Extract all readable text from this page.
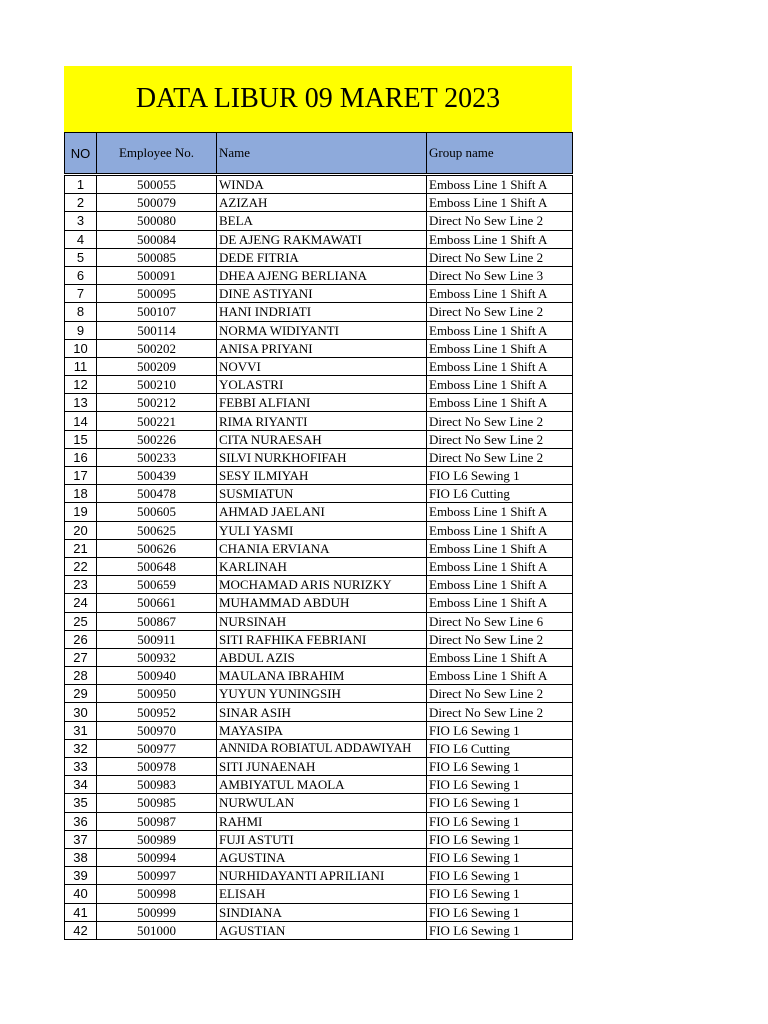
DATA LIBUR 09 MARET 2023
NO	Employee No.	Name	Group name

1	500055	WINDA	Emboss Line 1 Shift A
2	500079	AZIZAH	Emboss Line 1 Shift A
3	500080	BELA	Direct No Sew Line 2
4	500084	DE AJENG RAKMAWATI	Emboss Line 1 Shift A
5	500085	DEDE FITRIA	Direct No Sew Line 2
6	500091	DHEA AJENG BERLIANA	Direct No Sew Line 3
7	500095	DINE ASTIYANI	Emboss Line 1 Shift A
8	500107	HANI INDRIATI	Direct No Sew Line 2
9	500114	NORMA WIDIYANTI	Emboss Line 1 Shift A
10	500202	ANISA PRIYANI	Emboss Line 1 Shift A
11	500209	NOVVI	Emboss Line 1 Shift A
12	500210	YOLASTRI	Emboss Line 1 Shift A
13	500212	FEBBI ALFIANI	Emboss Line 1 Shift A
14	500221	RIMA RIYANTI	Direct No Sew Line 2
15	500226	CITA NURAESAH	Direct No Sew Line 2
16	500233	SILVI NURKHOFIFAH	Direct No Sew Line 2
17	500439	SESY ILMIYAH	FIO L6 Sewing 1
18	500478	SUSMIATUN	FIO L6 Cutting
19	500605	AHMAD JAELANI	Emboss Line 1 Shift A
20	500625	YULI YASMI	Emboss Line 1 Shift A
21	500626	CHANIA ERVIANA	Emboss Line 1 Shift A
22	500648	KARLINAH	Emboss Line 1 Shift A
23	500659	MOCHAMAD ARIS NURIZKY	Emboss Line 1 Shift A
24	500661	MUHAMMAD ABDUH	Emboss Line 1 Shift A
25	500867	NURSINAH	Direct No Sew Line 6
26	500911	SITI RAFHIKA FEBRIANI	Direct No Sew Line 2
27	500932	ABDUL AZIS	Emboss Line 1 Shift A
28	500940	MAULANA IBRAHIM	Emboss Line 1 Shift A
29	500950	YUYUN YUNINGSIH	Direct No Sew Line 2
30	500952	SINAR ASIH	Direct No Sew Line 2
31	500970	MAYASIPA	FIO L6 Sewing 1
32	500977	ANNIDA ROBIATUL ADDAWIYAH	FIO L6 Cutting
33	500978	SITI JUNAENAH	FIO L6 Sewing 1
34	500983	AMBIYATUL MAOLA	FIO L6 Sewing 1
35	500985	NURWULAN	FIO L6 Sewing 1
36	500987	RAHMI	FIO L6 Sewing 1
37	500989	FUJI ASTUTI	FIO L6 Sewing 1
38	500994	AGUSTINA	FIO L6 Sewing 1
39	500997	NURHIDAYANTI APRILIANI	FIO L6 Sewing 1
40	500998	ELISAH	FIO L6 Sewing 1
41	500999	SINDIANA	FIO L6 Sewing 1
42	501000	AGUSTIAN	FIO L6 Sewing 1
